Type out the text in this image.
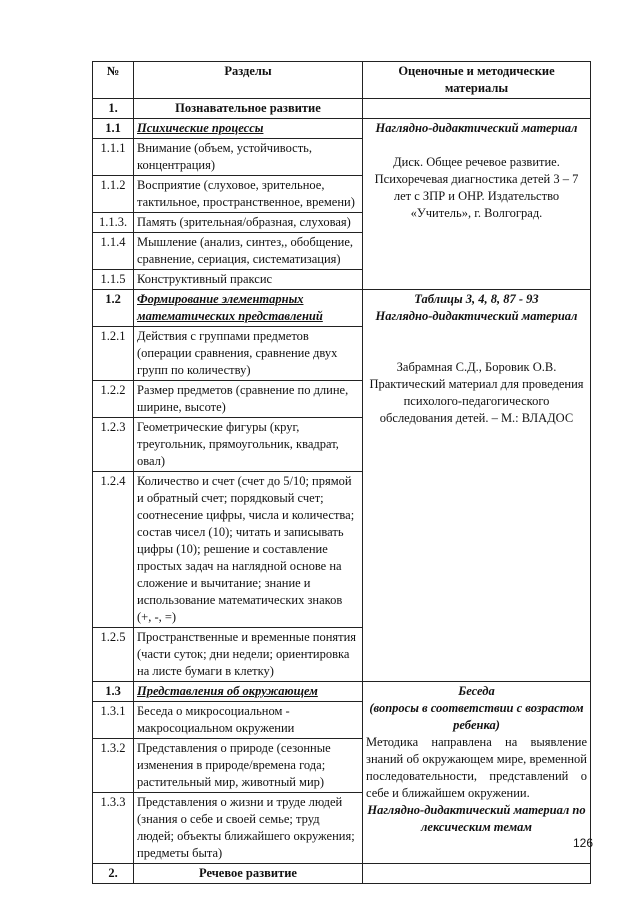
№	Разделы	Оценочные и методические материалы
1.	Познавательное развитие	
1.1	Психические процессы	Наглядно-дидактический материал

Диск. Общее речевое развитие. Психоречевая диагностика детей 3 – 7 лет с ЗПР и ОНР. Издательство «Учитель», г. Волгоград.

1.1.1	Внимание (объем, устойчивость, концентрация)	
1.1.2	Восприятие (слуховое, зрительное, тактильное, пространственное, времени)	
1.1.3.	Память (зрительная/образная, слуховая)	
1.1.4	Мышление (анализ, синтез,, обобщение, сравнение, сериация, систематизация)	
1.1.5	Конструктивный праксис	
1.2	Формирование элементарных математических представлений	Таблицы 3, 4, 8, 87 - 93

Наглядно-дидактический материал

Забрамная С.Д., Боровик О.В. Практический материал для проведения психолого-педагогического обследования детей. – М.: ВЛАДОС

1.2.1	Действия с группами предметов (операции сравнения, сравнение двух групп по количеству)	
1.2.2	Размер предметов (сравнение по длине, ширине, высоте)	
1.2.3	Геометрические фигуры (круг, треугольник, прямоугольник, квадрат, овал)	
1.2.4	Количество и счет (счет до 5/10; прямой и обратный счет; порядковый счет; соотнесение цифры, числа и количества; состав чисел (10); читать и записывать цифры (10); решение и составление простых задач на наглядной основе на сложение и вычитание; знание и использование математических знаков (+, -, =)	
1.2.5	Пространственные и временные понятия (части суток; дни недели; ориентировка на листе бумаги в клетку)	
1.3	Представления об окружающем	Беседа

(вопросы в соответствии с возрастом ребенка)

Методика направлена на выявление знаний об окружающем мире, временной последовательности, представлений о себе и ближайшем окружении.

Наглядно-дидактический материал по лексическим темам

1.3.1	Беседа о микросоциальном - макросоциальном окружении	
1.3.2	Представления о природе (сезонные изменения в природе/времена года; растительный мир, животный мир)	
1.3.3	Представления о жизни и труде людей (знания о себе и своей семье; труд людей; объекты ближайшего окружения; предметы быта)	
2.	Речевое развитие	
126
